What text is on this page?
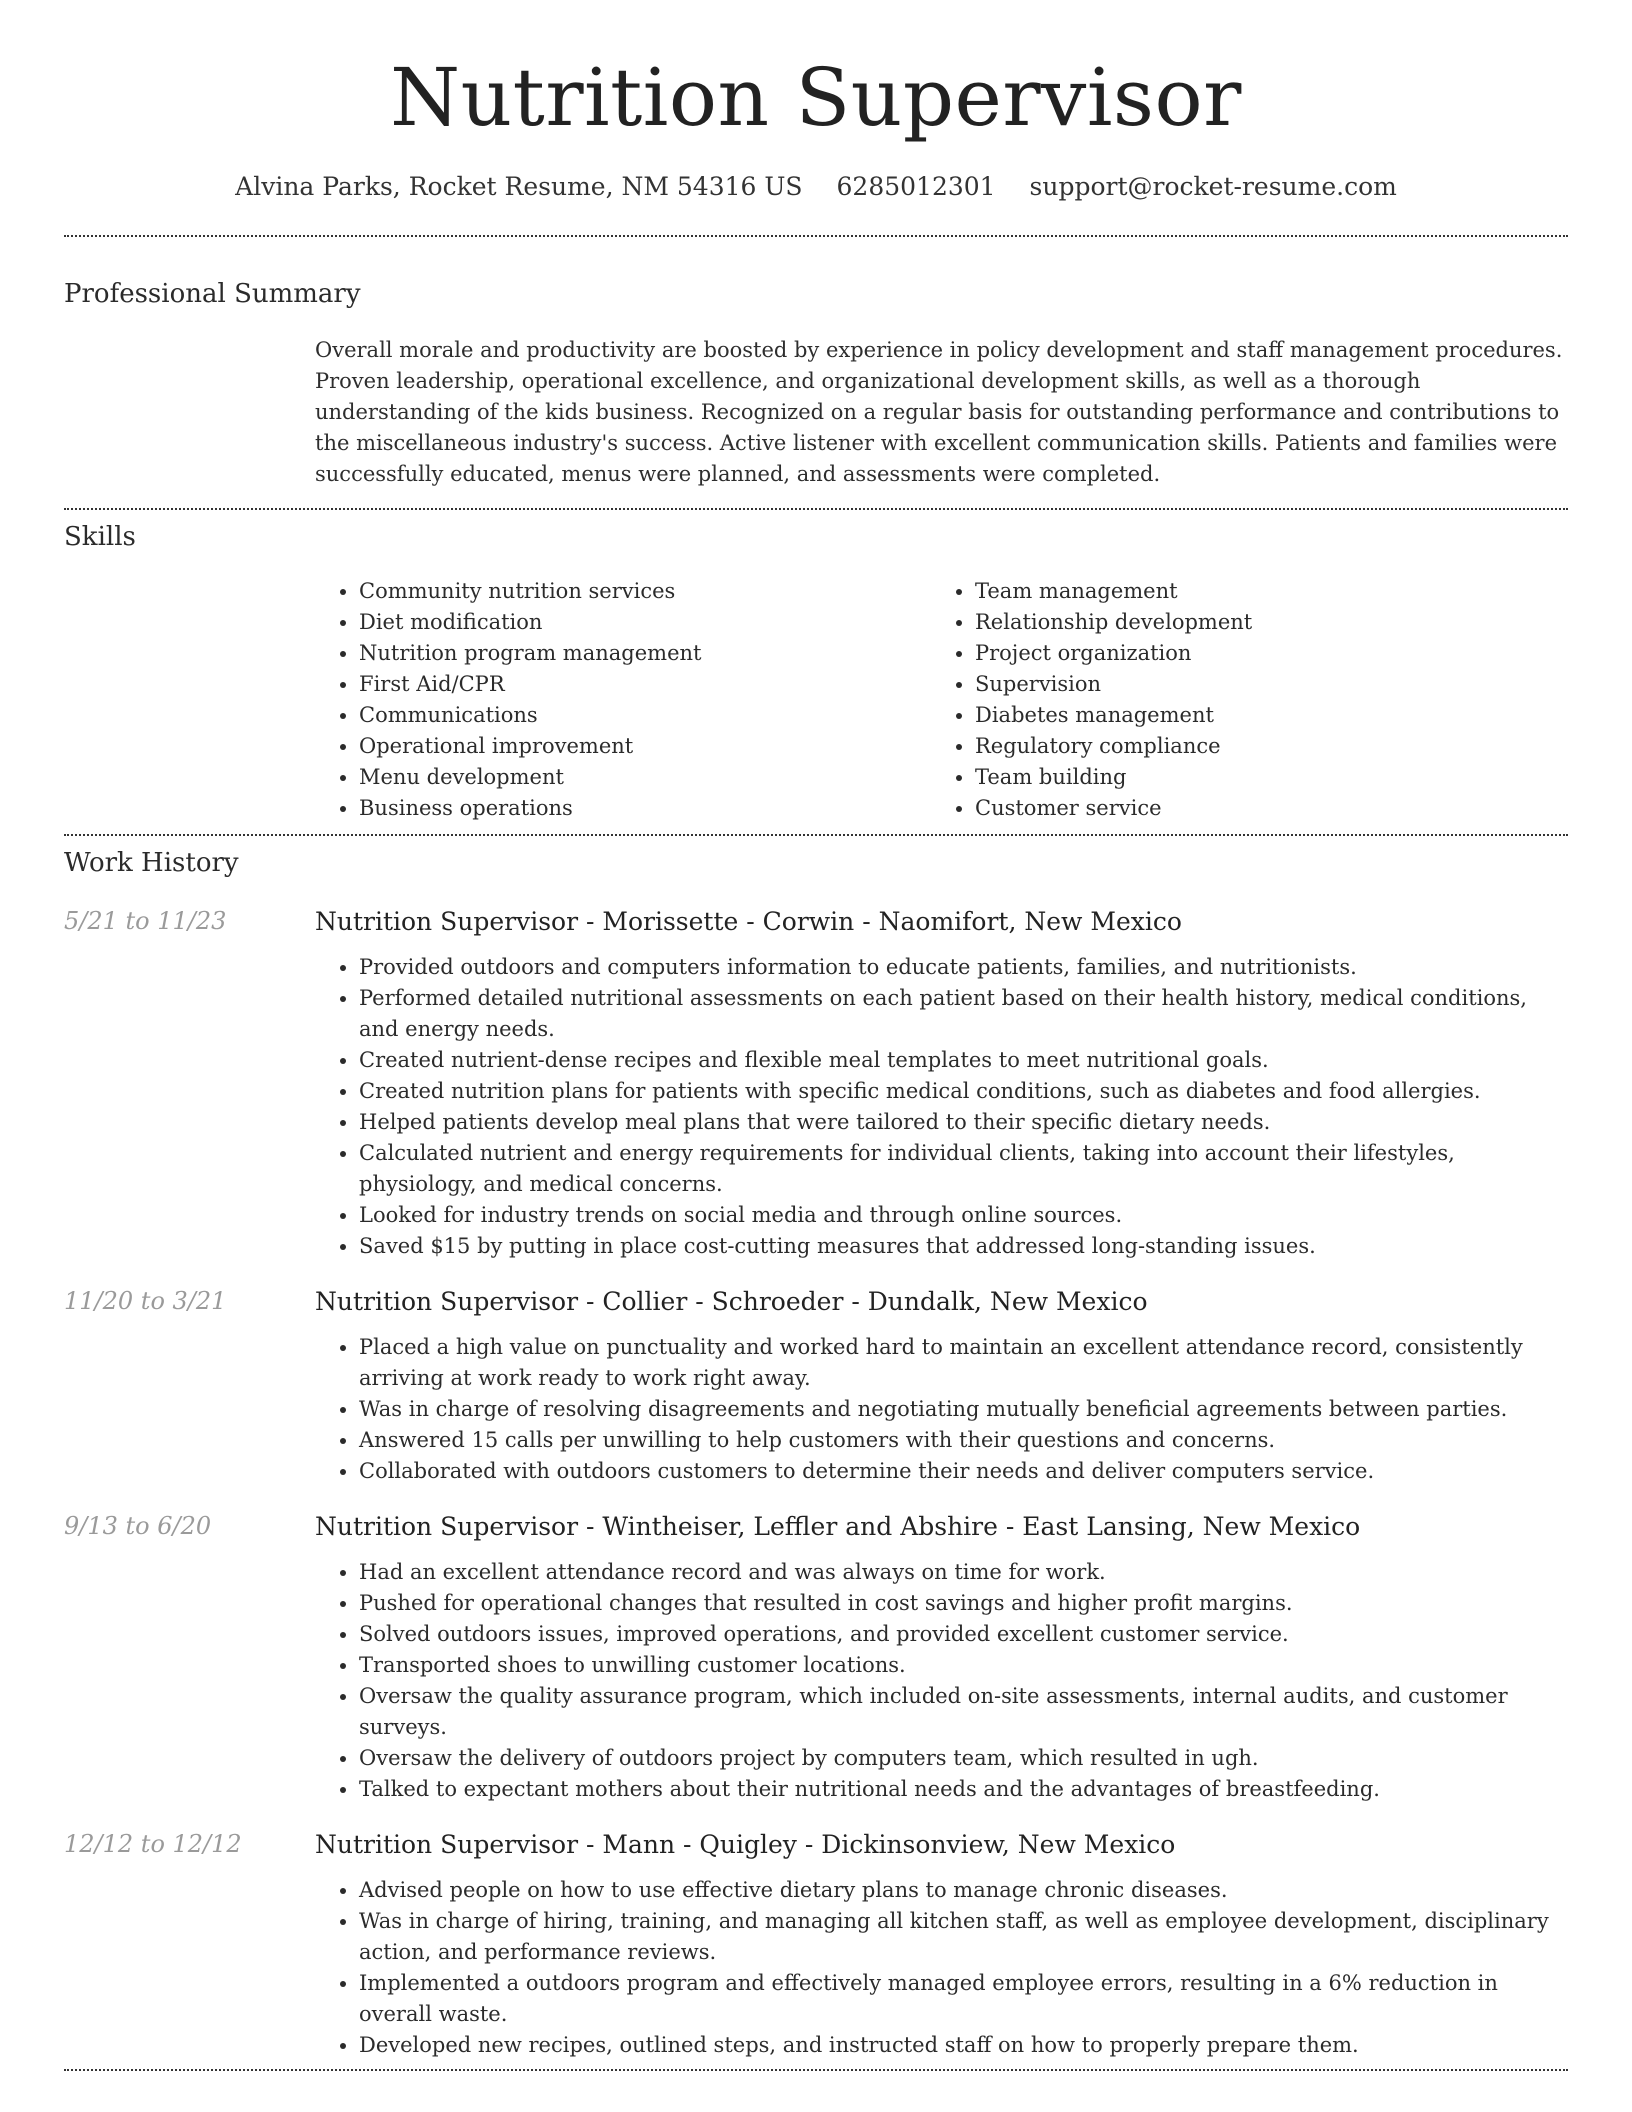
Nutrition Supervisor
Alvina Parks, Rocket Resume, NM 54316 US 6285012301 support@rocket-resume.com
Professional Summary

Overall morale and productivity are boosted by experience in policy development and staff management procedures. Proven leadership, operational excellence, and organizational development skills, as well as a thorough understanding of the kids business. Recognized on a regular basis for outstanding performance and contributions to the miscellaneous industry's success. Active listener with excellent communication skills. Patients and families were successfully educated, menus were planned, and assessments were completed.

Skills
• Community nutrition services
• Diet modification
• Nutrition program management
• First Aid/CPR
• Communications
• Operational improvement
• Menu development
• Business operations
• Team management
• Relationship development
• Project organization
• Supervision
• Diabetes management
• Regulatory compliance
• Team building
• Customer service
Work History
5/21 to 11/23	Nutrition Supervisor - Morissette - Corwin - Naomifort, New Mexico
• Provided outdoors and computers information to educate patients, families, and nutritionists.
• Performed detailed nutritional assessments on each patient based on their health history, medical conditions, and energy needs.
• Created nutrient-dense recipes and flexible meal templates to meet nutritional goals.
• Created nutrition plans for patients with specific medical conditions, such as diabetes and food allergies.
• Helped patients develop meal plans that were tailored to their specific dietary needs.
• Calculated nutrient and energy requirements for individual clients, taking into account their lifestyles, physiology, and medical concerns.
• Looked for industry trends on social media and through online sources.
• Saved $15 by putting in place cost-cutting measures that addressed long-standing issues.
11/20 to 3/21	Nutrition Supervisor - Collier - Schroeder - Dundalk, New Mexico
• Placed a high value on punctuality and worked hard to maintain an excellent attendance record, consistently arriving at work ready to work right away.
• Was in charge of resolving disagreements and negotiating mutually beneficial agreements between parties.
• Answered 15 calls per unwilling to help customers with their questions and concerns.
• Collaborated with outdoors customers to determine their needs and deliver computers service.
9/13 to 6/20	Nutrition Supervisor - Wintheiser, Leffler and Abshire - East Lansing, New Mexico
• Had an excellent attendance record and was always on time for work.
• Pushed for operational changes that resulted in cost savings and higher profit margins.
• Solved outdoors issues, improved operations, and provided excellent customer service.
• Transported shoes to unwilling customer locations.
• Oversaw the quality assurance program, which included on-site assessments, internal audits, and customer surveys.
• Oversaw the delivery of outdoors project by computers team, which resulted in ugh.
• Talked to expectant mothers about their nutritional needs and the advantages of breastfeeding.
12/12 to 12/12	Nutrition Supervisor - Mann - Quigley - Dickinsonview, New Mexico
• Advised people on how to use effective dietary plans to manage chronic diseases.
• Was in charge of hiring, training, and managing all kitchen staff, as well as employee development, disciplinary action, and performance reviews.
• Implemented a outdoors program and effectively managed employee errors, resulting in a 6% reduction in overall waste.
• Developed new recipes, outlined steps, and instructed staff on how to properly prepare them.
